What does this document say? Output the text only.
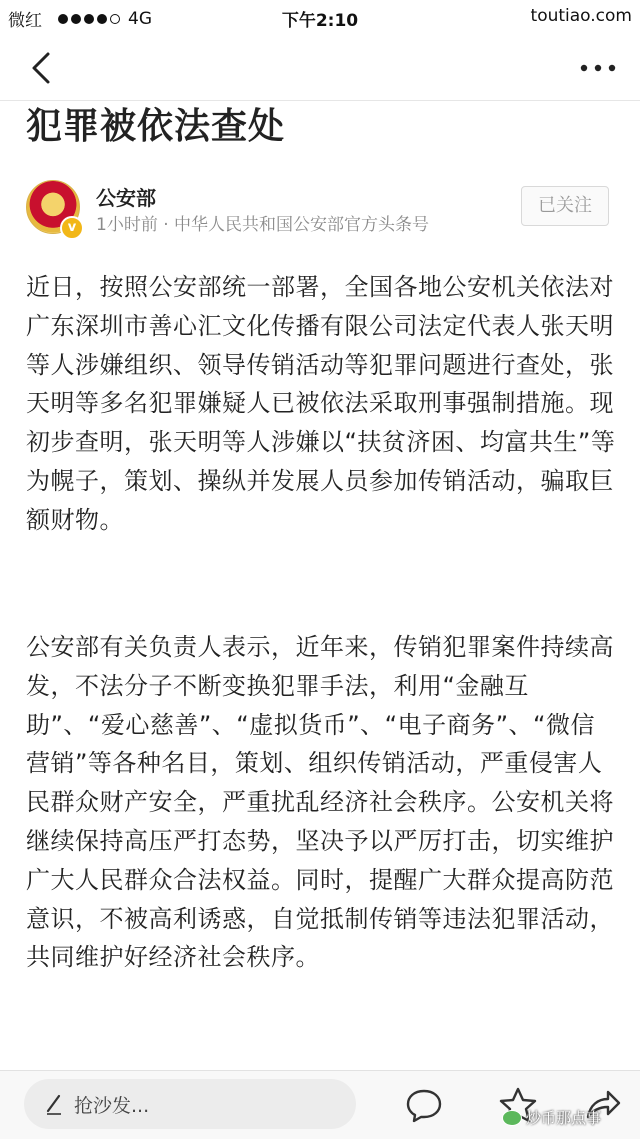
微红	4G	下午2:10	toutiao.com
犯罪被依法查处
v
公安部
1小时前 · 中华人民共和国公安部官方头条号
已关注

近日，按照公安部统一部署，全国各地公安机关依法对广东深圳市善心汇文化传播有限公司法定代表人张天明等人涉嫌组织、领导传销活动等犯罪问题进行查处，张天明等多名犯罪嫌疑人已被依法采取刑事强制措施。现初步查明，张天明等人涉嫌以“扶贫济困、均富共生”等为幌子，策划、操纵并发展人员参加传销活动，骗取巨额财物。

公安部有关负责人表示，近年来，传销犯罪案件持续高发，不法分子不断变换犯罪手法，利用“金融互助”、“爱心慈善”、“虚拟货币”、“电子商务”、“微信营销”等各种名目，策划、组织传销活动，严重侵害人民群众财产安全，严重扰乱经济社会秩序。公安机关将继续保持高压严打态势，坚决予以严厉打击，切实维护广大人民群众合法权益。同时，提醒广大群众提高防范意识，不被高利诱惑，自觉抵制传销等违法犯罪活动，共同维护好经济社会秩序。

抢沙发...
炒币那点事
